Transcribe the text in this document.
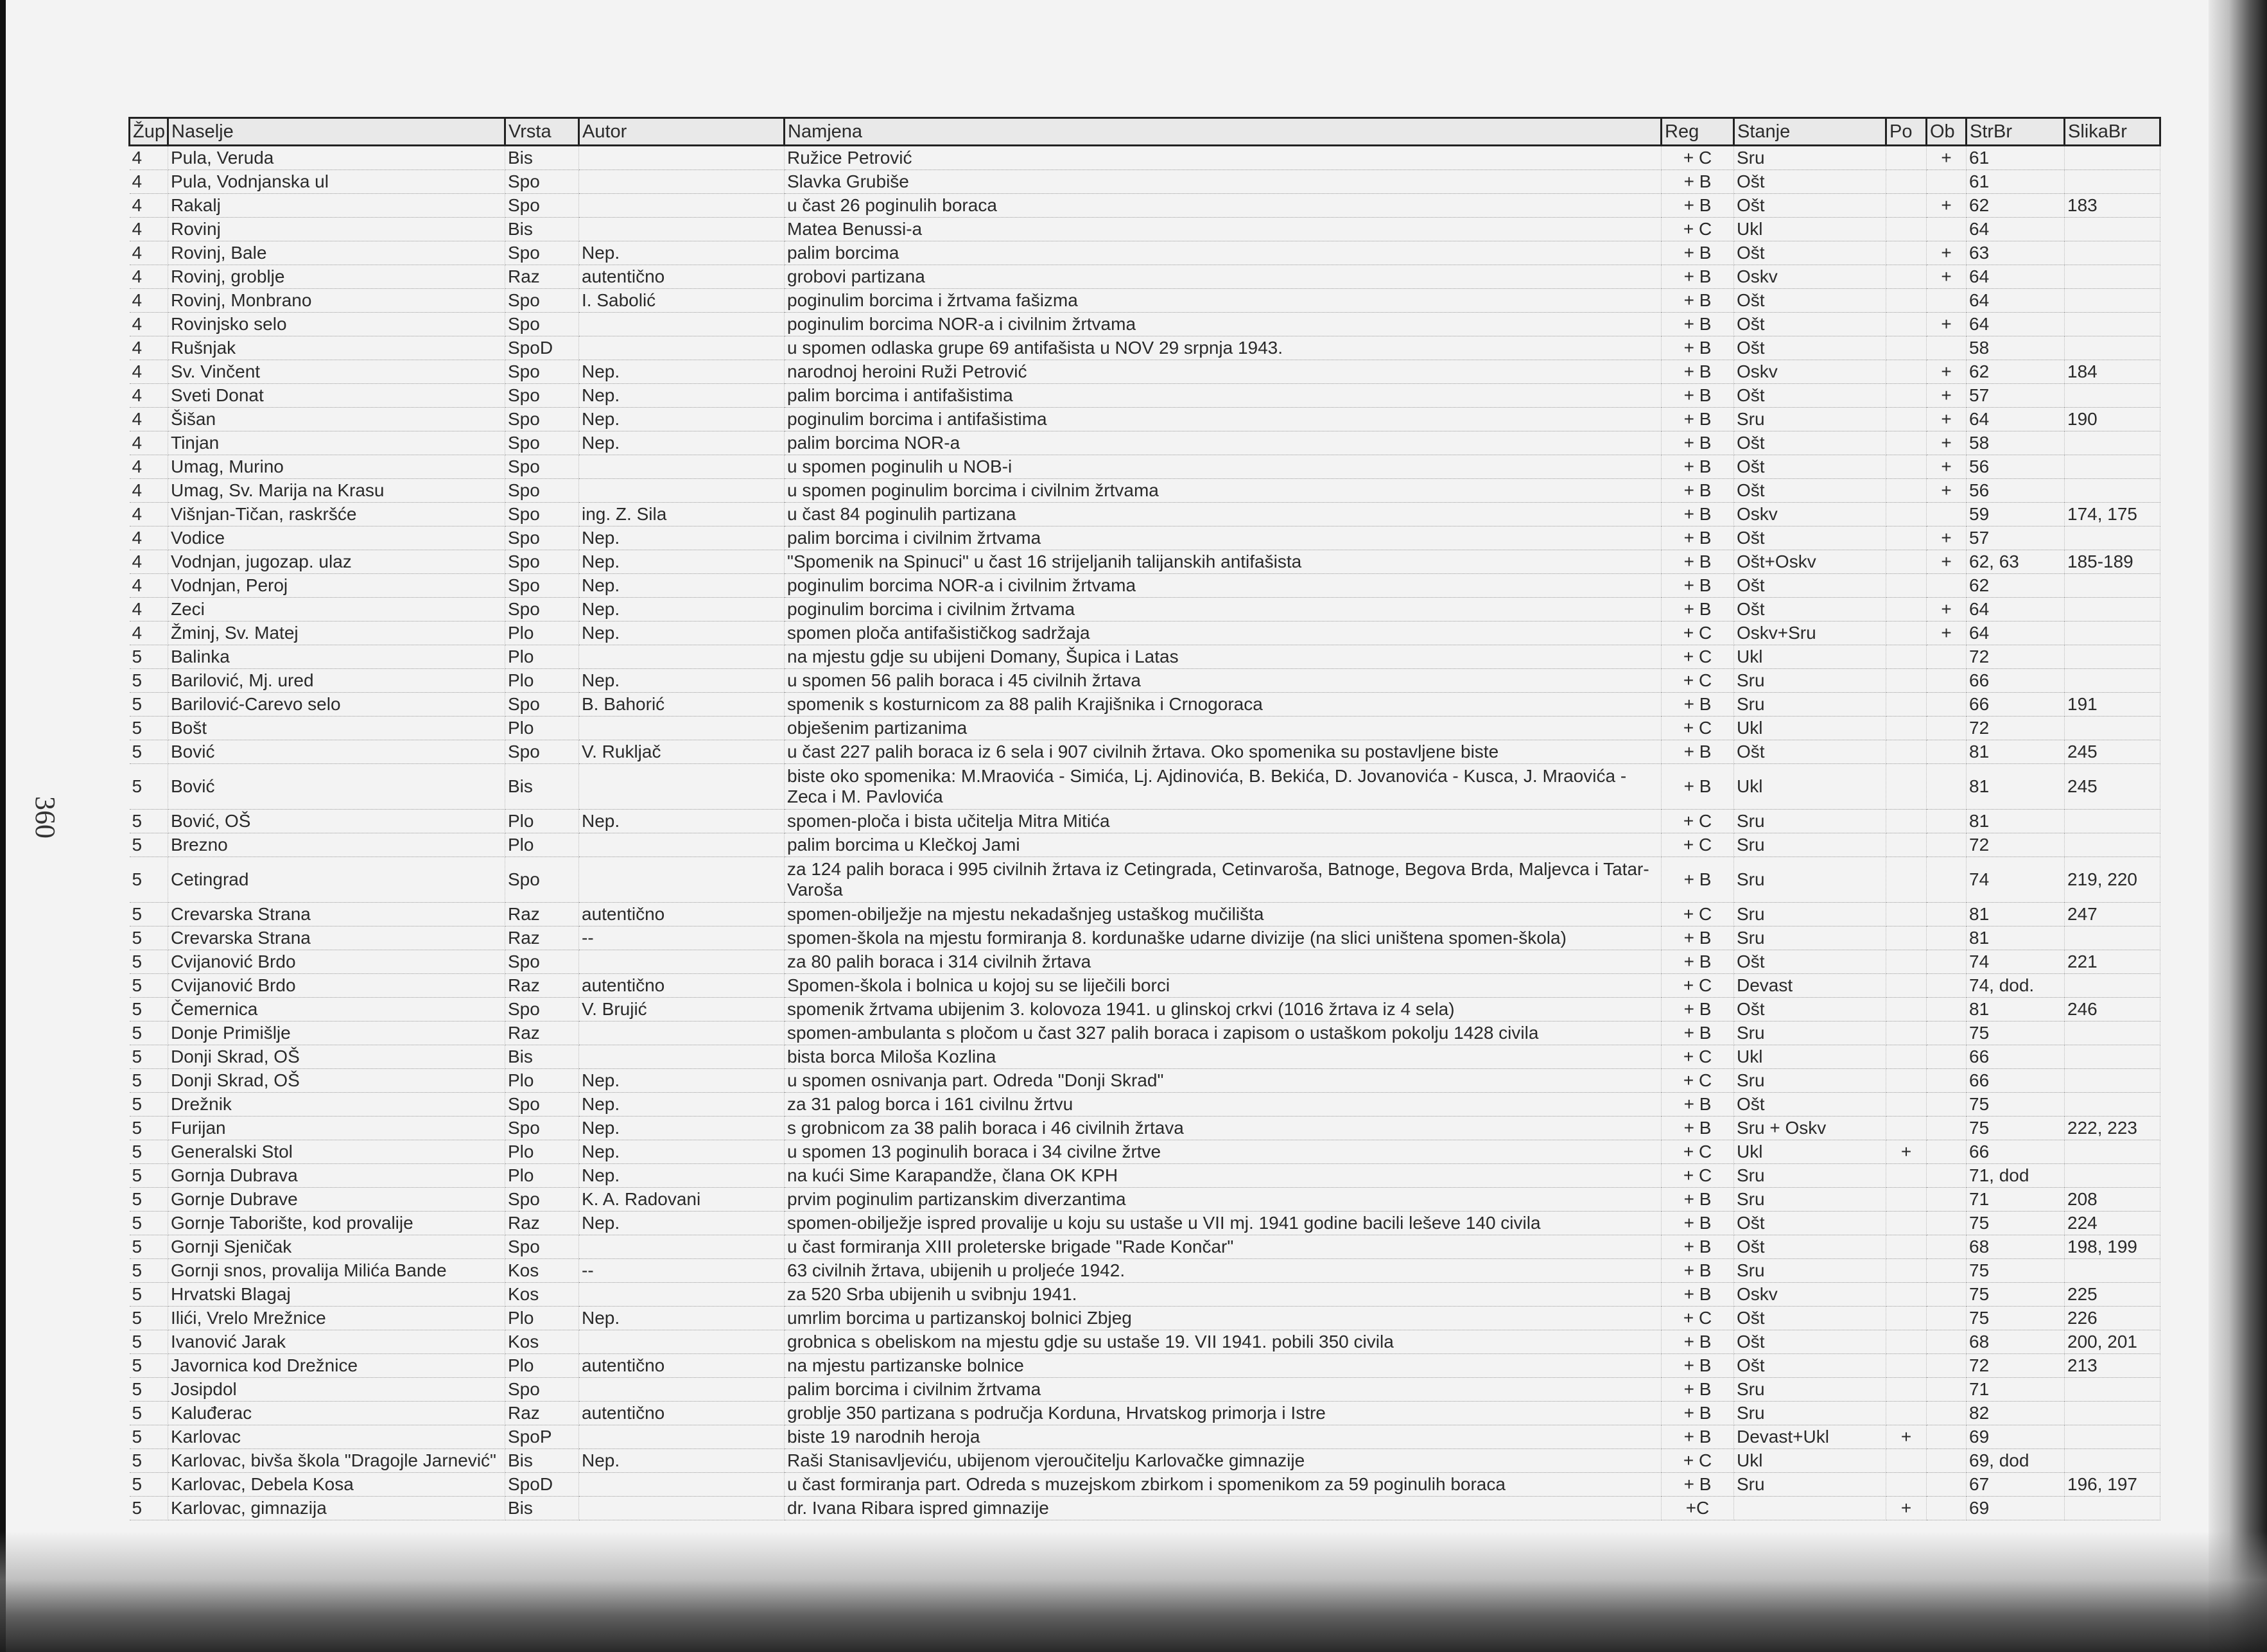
360
Žup	Naselje	Vrsta	Autor	Namjena	Reg	Stanje	Po	Ob	StrBr	SlikaBr
4	Pula, Veruda	Bis		Ružice Petrović	+ C	Sru		+	61	
4	Pula, Vodnjanska ul	Spo		Slavka Grubiše	+ B	Ošt			61	
4	Rakalj	Spo		u čast 26 poginulih boraca	+ B	Ošt		+	62	183
4	Rovinj	Bis		Matea Benussi-a	+ C	Ukl			64	
4	Rovinj, Bale	Spo	Nep.	palim borcima	+ B	Ošt		+	63	
4	Rovinj, groblje	Raz	autentično	grobovi partizana	+ B	Oskv		+	64	
4	Rovinj, Monbrano	Spo	I. Sabolić	poginulim borcima i žrtvama fašizma	+ B	Ošt			64	
4	Rovinjsko selo	Spo		poginulim borcima NOR-a i civilnim žrtvama	+ B	Ošt		+	64	
4	Rušnjak	SpoD		u spomen odlaska grupe 69 antifašista u NOV 29 srpnja 1943.	+ B	Ošt			58	
4	Sv. Vinčent	Spo	Nep.	narodnoj heroini Ruži Petrović	+ B	Oskv		+	62	184
4	Sveti Donat	Spo	Nep.	palim borcima i antifašistima	+ B	Ošt		+	57	
4	Šišan	Spo	Nep.	poginulim borcima i antifašistima	+ B	Sru		+	64	190
4	Tinjan	Spo	Nep.	palim borcima NOR-a	+ B	Ošt		+	58	
4	Umag, Murino	Spo		u spomen poginulih u NOB-i	+ B	Ošt		+	56	
4	Umag, Sv. Marija na Krasu	Spo		u spomen poginulim borcima i civilnim žrtvama	+ B	Ošt		+	56	
4	Višnjan-Tičan, raskršće	Spo	ing. Z. Sila	u čast 84 poginulih partizana	+ B	Oskv			59	174, 175
4	Vodice	Spo	Nep.	palim borcima i civilnim žrtvama	+ B	Ošt		+	57	
4	Vodnjan, jugozap. ulaz	Spo	Nep.	"Spomenik na Spinuci" u čast 16 strijeljanih talijanskih antifašista	+ B	Ošt+Oskv		+	62, 63	185-189
4	Vodnjan, Peroj	Spo	Nep.	poginulim borcima NOR-a i civilnim žrtvama	+ B	Ošt			62	
4	Zeci	Spo	Nep.	poginulim borcima i civilnim žrtvama	+ B	Ošt		+	64	
4	Žminj, Sv. Matej	Plo	Nep.	spomen ploča antifašističkog sadržaja	+ C	Oskv+Sru		+	64	
5	Balinka	Plo		na mjestu gdje su ubijeni Domany, Šupica i Latas	+ C	Ukl			72	
5	Barilović, Mj. ured	Plo	Nep.	u spomen 56 palih boraca i 45 civilnih žrtava	+ C	Sru			66	
5	Barilović-Carevo selo	Spo	B. Bahorić	spomenik s kosturnicom za 88 palih Krajišnika i Crnogoraca	+ B	Sru			66	191
5	Bošt	Plo		obješenim partizanima	+ C	Ukl			72	
5	Bović	Spo	V. Rukljač	u čast 227 palih boraca iz 6 sela i 907 civilnih žrtava. Oko spomenika su postavljene biste	+ B	Ošt			81	245
5	Bović	Bis		biste oko spomenika: M.Mraovića - Simića, Lj. Ajdinovića, B. Bekića, D. Jovanovića - Kusca, J. Mraovića - Zeca i M. Pavlovića	+ B	Ukl			81	245
5	Bović, OŠ	Plo	Nep.	spomen-ploča i bista učitelja Mitra Mitića	+ C	Sru			81	
5	Brezno	Plo		palim borcima u Klečkoj Jami	+ C	Sru			72	
5	Cetingrad	Spo		za 124 palih boraca i 995 civilnih žrtava iz Cetingrada, Cetinvaroša, Batnoge, Begova Brda, Maljevca i Tatar-Varoša	+ B	Sru			74	219, 220
5	Crevarska Strana	Raz	autentično	spomen-obilježje na mjestu nekadašnjeg ustaškog mučilišta	+ C	Sru			81	247
5	Crevarska Strana	Raz	--	spomen-škola na mjestu formiranja 8. kordunaške udarne divizije (na slici uništena spomen-škola)	+ B	Sru			81	
5	Cvijanović Brdo	Spo		za 80 palih boraca i 314 civilnih žrtava	+ B	Ošt			74	221
5	Cvijanović Brdo	Raz	autentično	Spomen-škola i bolnica u kojoj su se liječili borci	+ C	Devast			74, dod.	
5	Čemernica	Spo	V. Brujić	spomenik žrtvama ubijenim 3. kolovoza 1941. u glinskoj crkvi (1016 žrtava iz 4 sela)	+ B	Ošt			81	246
5	Donje Primišlje	Raz		spomen-ambulanta s pločom u čast 327 palih boraca i zapisom o ustaškom pokolju 1428 civila	+ B	Sru			75	
5	Donji Skrad, OŠ	Bis		bista borca Miloša Kozlina	+ C	Ukl			66	
5	Donji Skrad, OŠ	Plo	Nep.	u spomen osnivanja part. Odreda "Donji Skrad"	+ C	Sru			66	
5	Drežnik	Spo	Nep.	za 31 palog borca i 161 civilnu žrtvu	+ B	Ošt			75	
5	Furijan	Spo	Nep.	s grobnicom za 38 palih boraca i 46 civilnih žrtava	+ B	Sru + Oskv			75	222, 223
5	Generalski Stol	Plo	Nep.	u spomen 13 poginulih boraca i 34 civilne žrtve	+ C	Ukl	+		66	
5	Gornja Dubrava	Plo	Nep.	na kući Sime Karapandže, člana OK KPH	+ C	Sru			71, dod	
5	Gornje Dubrave	Spo	K. A. Radovani	prvim poginulim partizanskim diverzantima	+ B	Sru			71	208
5	Gornje Taborište, kod provalije	Raz	Nep.	spomen-obilježje ispred provalije u koju su ustaše u VII mj. 1941 godine bacili leševe 140 civila	+ B	Ošt			75	224
5	Gornji Sjeničak	Spo		u čast formiranja XIII proleterske brigade "Rade Končar"	+ B	Ošt			68	198, 199
5	Gornji snos, provalija Milića Bande	Kos	--	63 civilnih žrtava, ubijenih u proljeće 1942.	+ B	Sru			75	
5	Hrvatski Blagaj	Kos		za 520 Srba ubijenih u svibnju 1941.	+ B	Oskv			75	225
5	Ilići, Vrelo Mrežnice	Plo	Nep.	umrlim borcima u partizanskoj bolnici Zbjeg	+ C	Ošt			75	226
5	Ivanović Jarak	Kos		grobnica s obeliskom na mjestu gdje su ustaše 19. VII 1941. pobili 350 civila	+ B	Ošt			68	200, 201
5	Javornica kod Drežnice	Plo	autentično	na mjestu partizanske bolnice	+ B	Ošt			72	213
5	Josipdol	Spo		palim borcima i civilnim žrtvama	+ B	Sru			71	
5	Kaluđerac	Raz	autentično	groblje 350 partizana s područja Korduna, Hrvatskog primorja i Istre	+ B	Sru			82	
5	Karlovac	SpoP		biste 19 narodnih heroja	+ B	Devast+Ukl	+		69	
5	Karlovac, bivša škola "Dragojle Jarnević"	Bis	Nep.	Raši Stanisavljeviću, ubijenom vjeroučitelju Karlovačke gimnazije	+ C	Ukl			69, dod	
5	Karlovac, Debela Kosa	SpoD		u čast formiranja part. Odreda s muzejskom zbirkom i spomenikom za 59 poginulih boraca	+ B	Sru			67	196, 197
5	Karlovac, gimnazija	Bis		dr. Ivana Ribara ispred gimnazije	+C		+		69	
